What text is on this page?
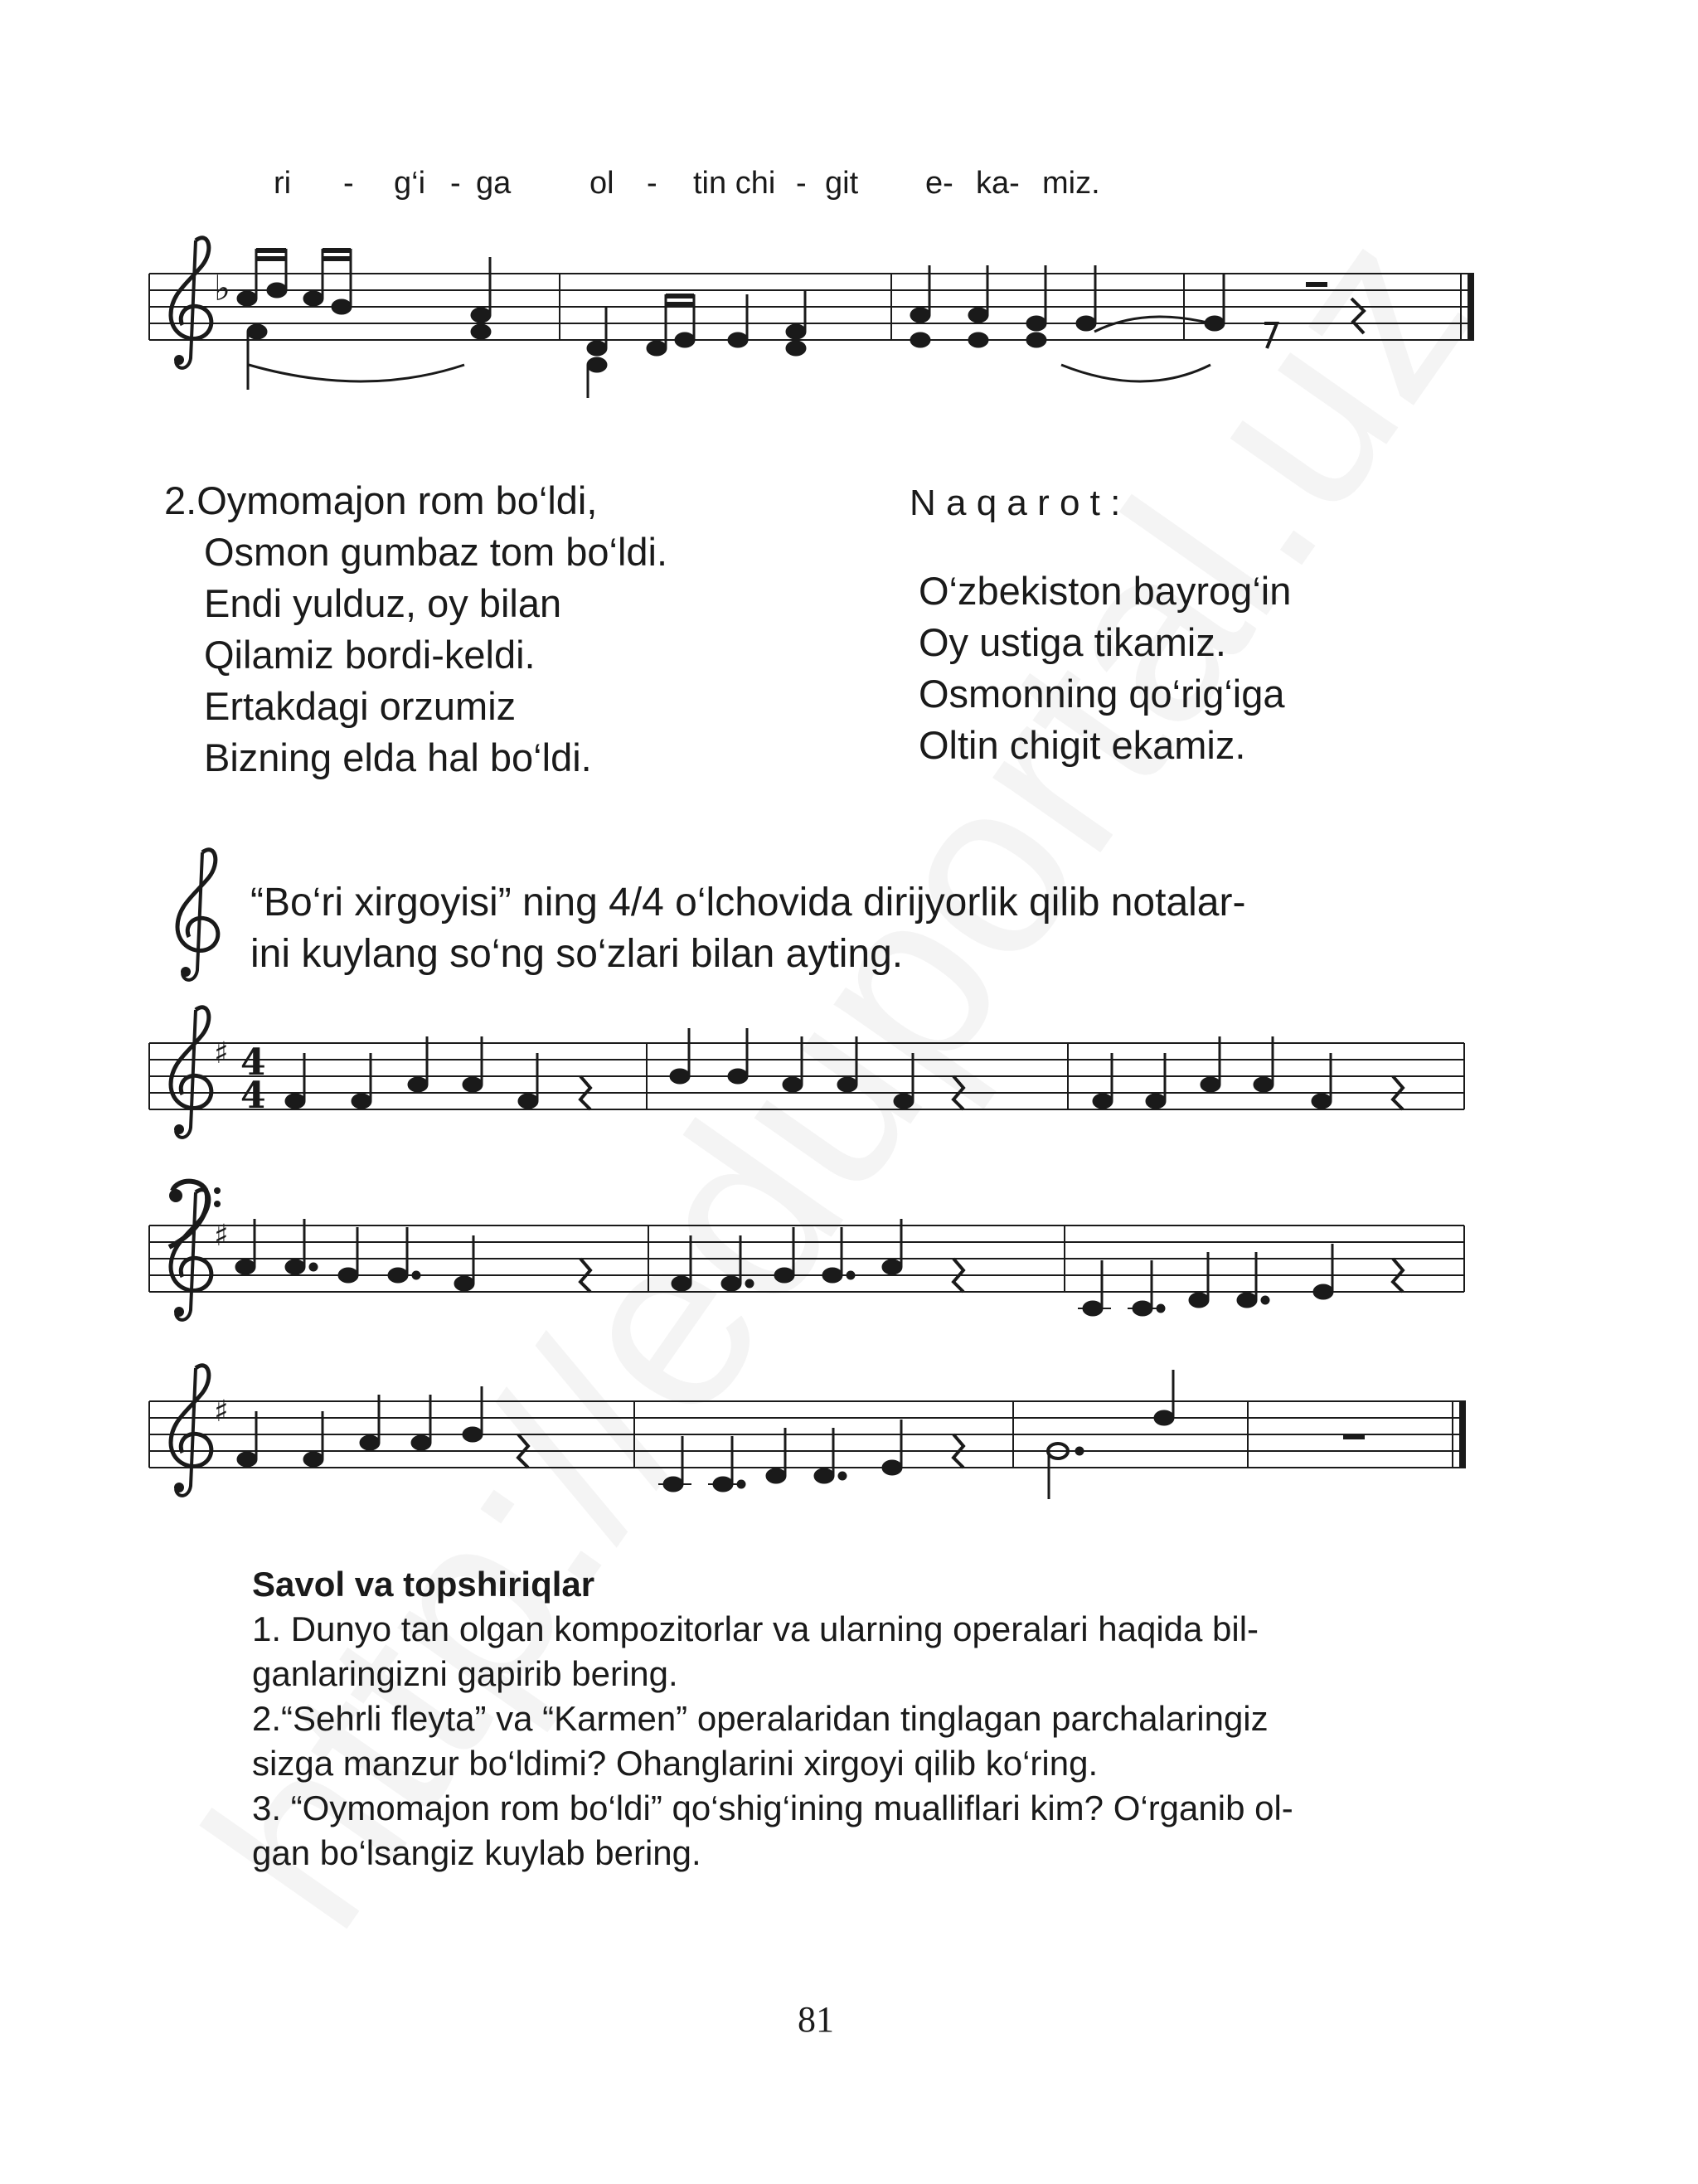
ri - g‘i - ga ol - tin chi - git e- ka- miz.
♭
♯ 4
4
♯
♯
2.Oymomajon rom bo‘ldi,
Osmon gumbaz tom bo‘ldi.
Endi yulduz, oy bilan
Qilamiz bordi-keldi.
Ertakdagi orzumiz
Bizning elda hal bo‘ldi.
N a q a r o t :
O‘zbekiston bayrog‘in
Oy ustiga tikamiz.
Osmonning qo‘rig‘iga
Oltin chigit ekamiz.
“Bo‘ri xirgoyisi” ning 4/4 o‘lchovida dirijyorlik qilib notalar-
ini kuylang so‘ng so‘zlari bilan ayting.
Savol va topshiriqlar
1. Dunyo tan olgan kompozitorlar va ularning operalari haqida bil-
ganlaringizni gapirib bering.
2.“Sehrli fleyta” va “Karmen” operalaridan tinglagan parchalaringiz
sizga manzur bo‘ldimi? Ohanglarini xirgoyi qilib ko‘ring.
3. “Oymomajon rom bo‘ldi” qo‘shig‘ining mualliflari kim? O‘rganib ol-
gan bo‘lsangiz kuylab bering.
81
